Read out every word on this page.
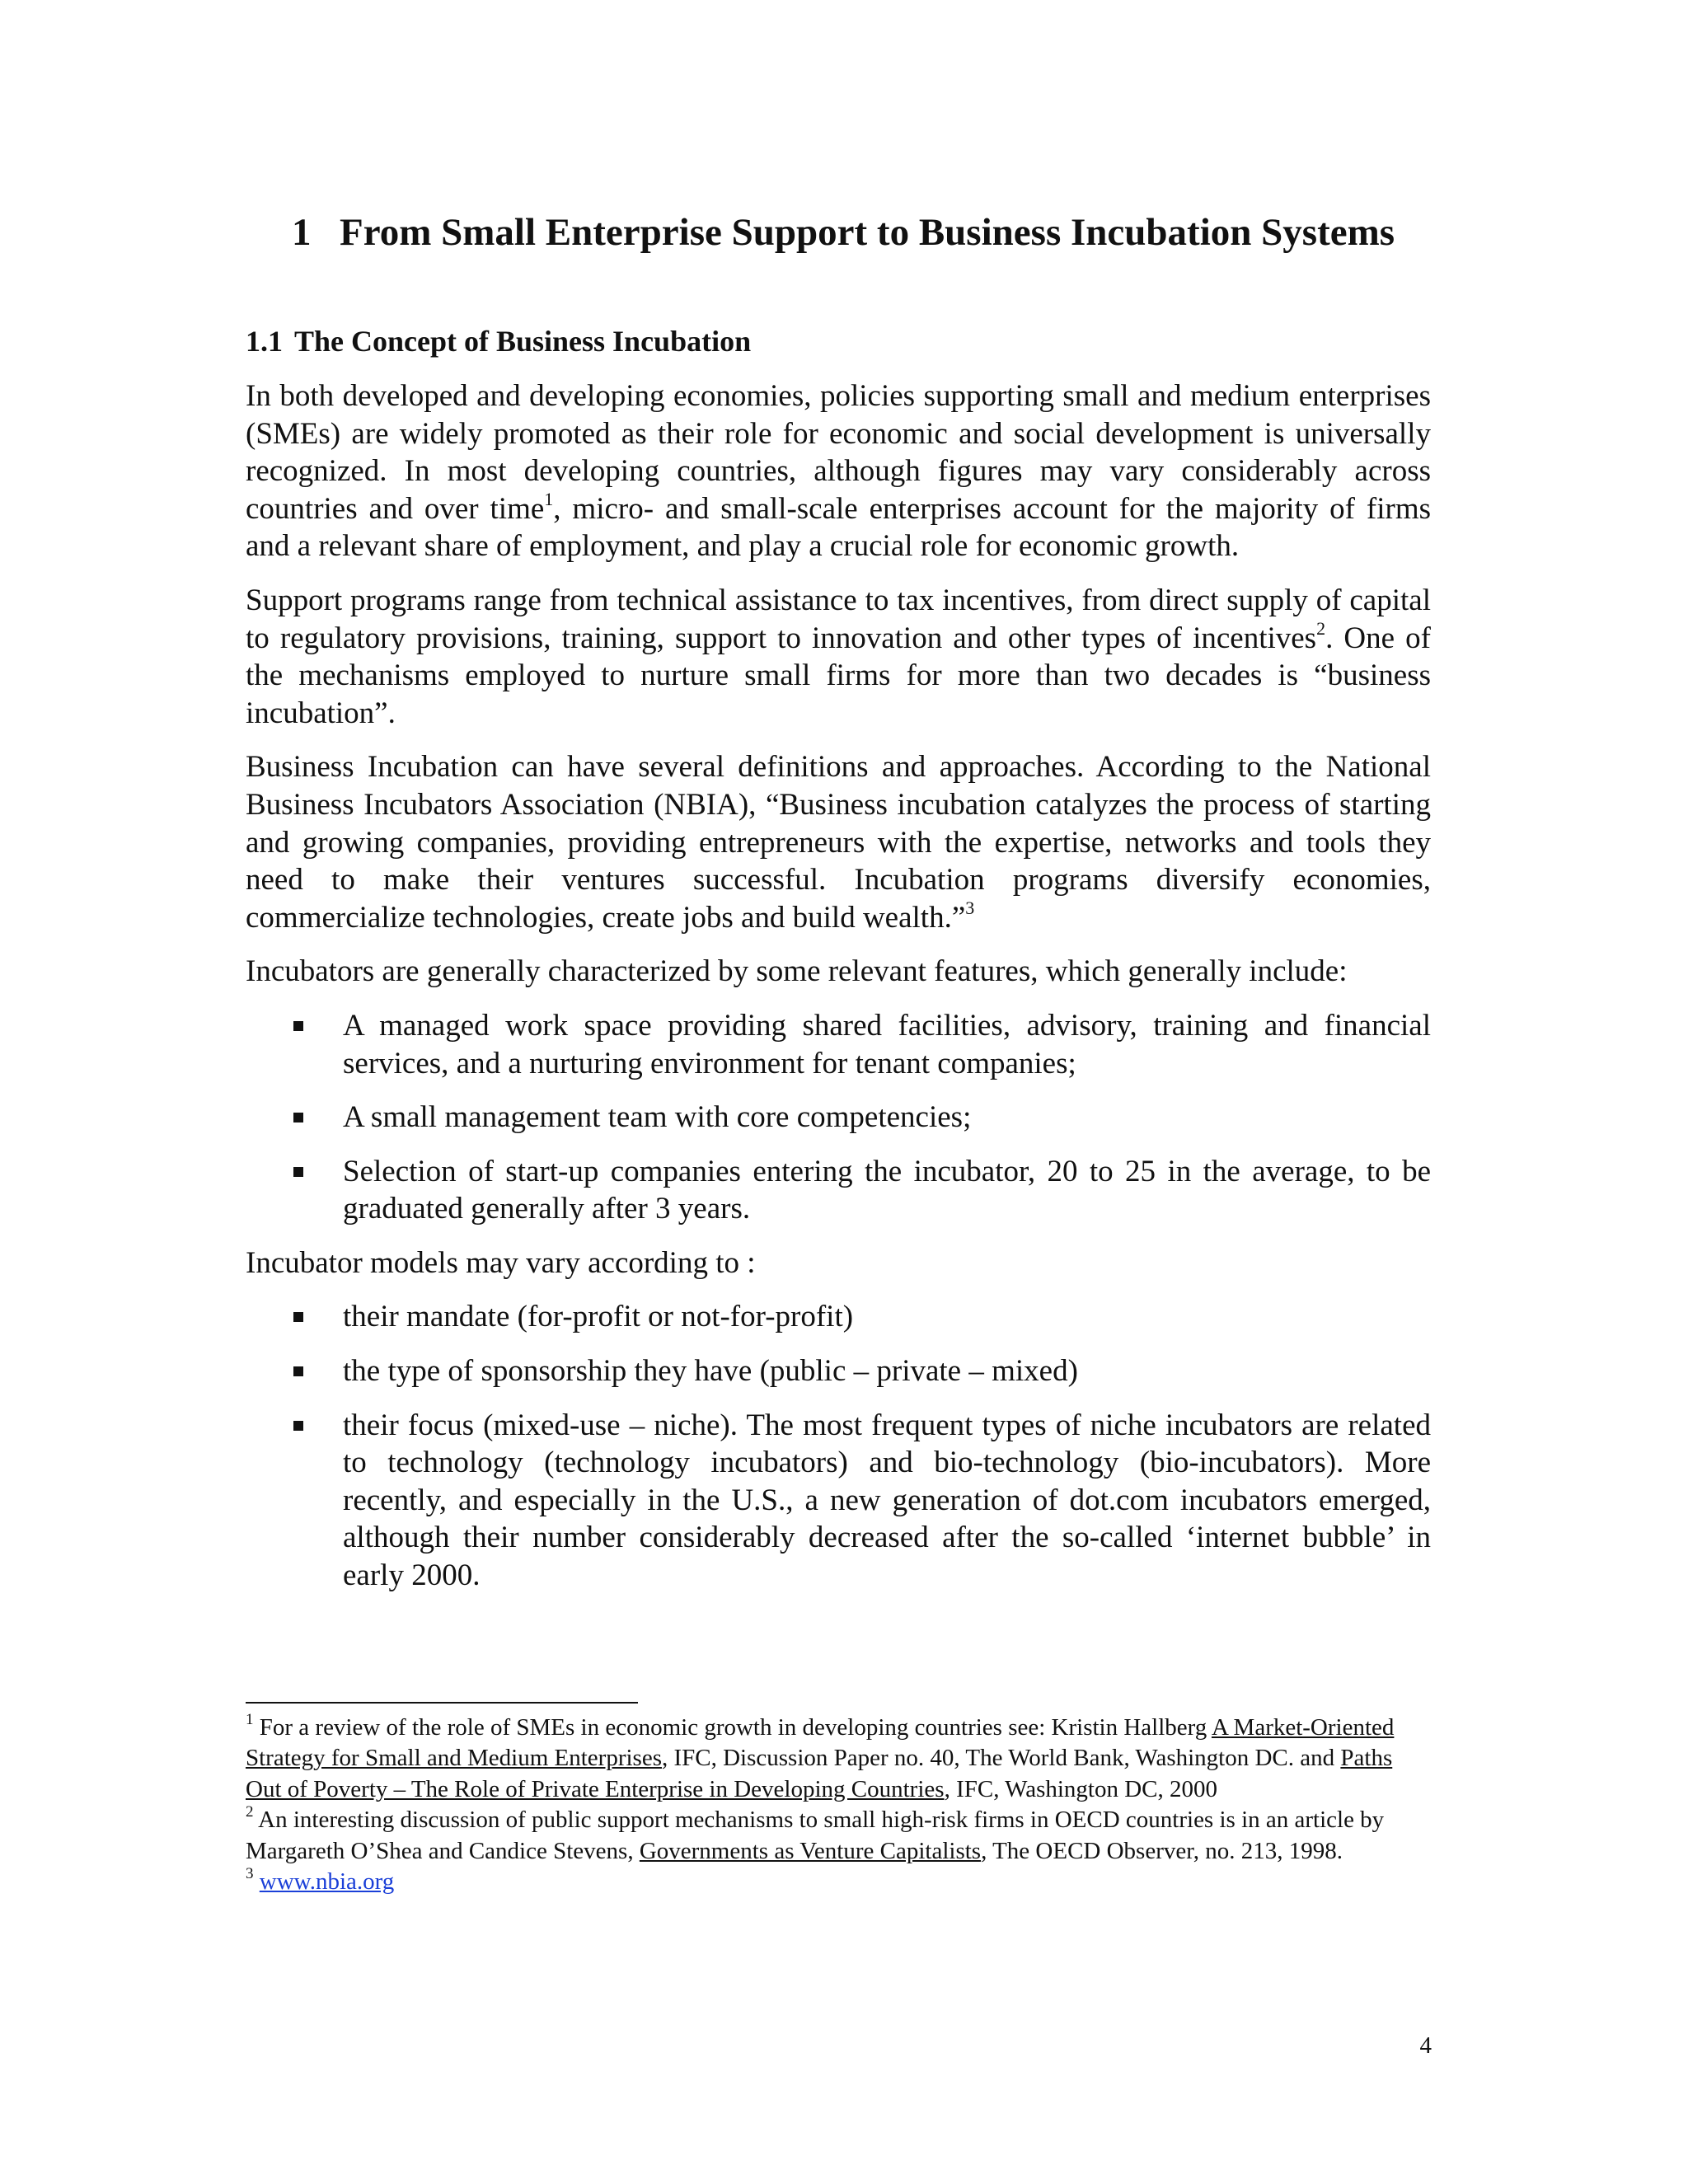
1 From Small Enterprise Support to Business Incubation Systems
1.1 The Concept of Business Incubation

In both developed and developing economies, policies supporting small and medium enterprises (SMEs) are widely promoted as their role for economic and social development is universally recognized. In most developing countries, although figures may vary considerably across countries and over time$^1$, micro- and small-scale enterprises account for the majority of firms and a relevant share of employment, and play a crucial role for economic growth.

Support programs range from technical assistance to tax incentives, from direct supply of capital to regulatory provisions, training, support to innovation and other types of incentives$^2$. One of the mechanisms employed to nurture small firms for more than two decades is “business incubation”.

Business Incubation can have several definitions and approaches. According to the National Business Incubators Association (NBIA), “Business incubation catalyzes the process of starting and growing companies, providing entrepreneurs with the expertise, networks and tools they need to make their ventures successful. Incubation programs diversify economies, commercialize technologies, create jobs and build wealth.”$^3$

Incubators are generally characterized by some relevant features, which generally include:

A managed work space providing shared facilities, advisory, training and financial services, and a nurturing environment for tenant companies;
A small management team with core competencies;
Selection of start-up companies entering the incubator, 20 to 25 in the average, to be graduated generally after 3 years.

Incubator models may vary according to :

their mandate (for-profit or not-for-profit)
the type of sponsorship they have (public – private – mixed)
their focus (mixed-use – niche). The most frequent types of niche incubators are related to technology (technology incubators) and bio-technology (bio-incubators). More recently, and especially in the U.S., a new generation of dot.com incubators emerged, although their number considerably decreased after the so-called ‘internet bubble’ in early 2000.

$^1$ For a review of the role of SMEs in economic growth in developing countries see: Kristin Hallberg A Market-Oriented Strategy for Small and Medium Enterprises, IFC, Discussion Paper no. 40, The World Bank, Washington DC. and Paths Out of Poverty – The Role of Private Enterprise in Developing Countries, IFC, Washington DC, 2000

$^2$ An interesting discussion of public support mechanisms to small high-risk firms in OECD countries is in an article by Margareth O’Shea and Candice Stevens, Governments as Venture Capitalists, The OECD Observer, no. 213, 1998.

$^3$ www.nbia.org

4
